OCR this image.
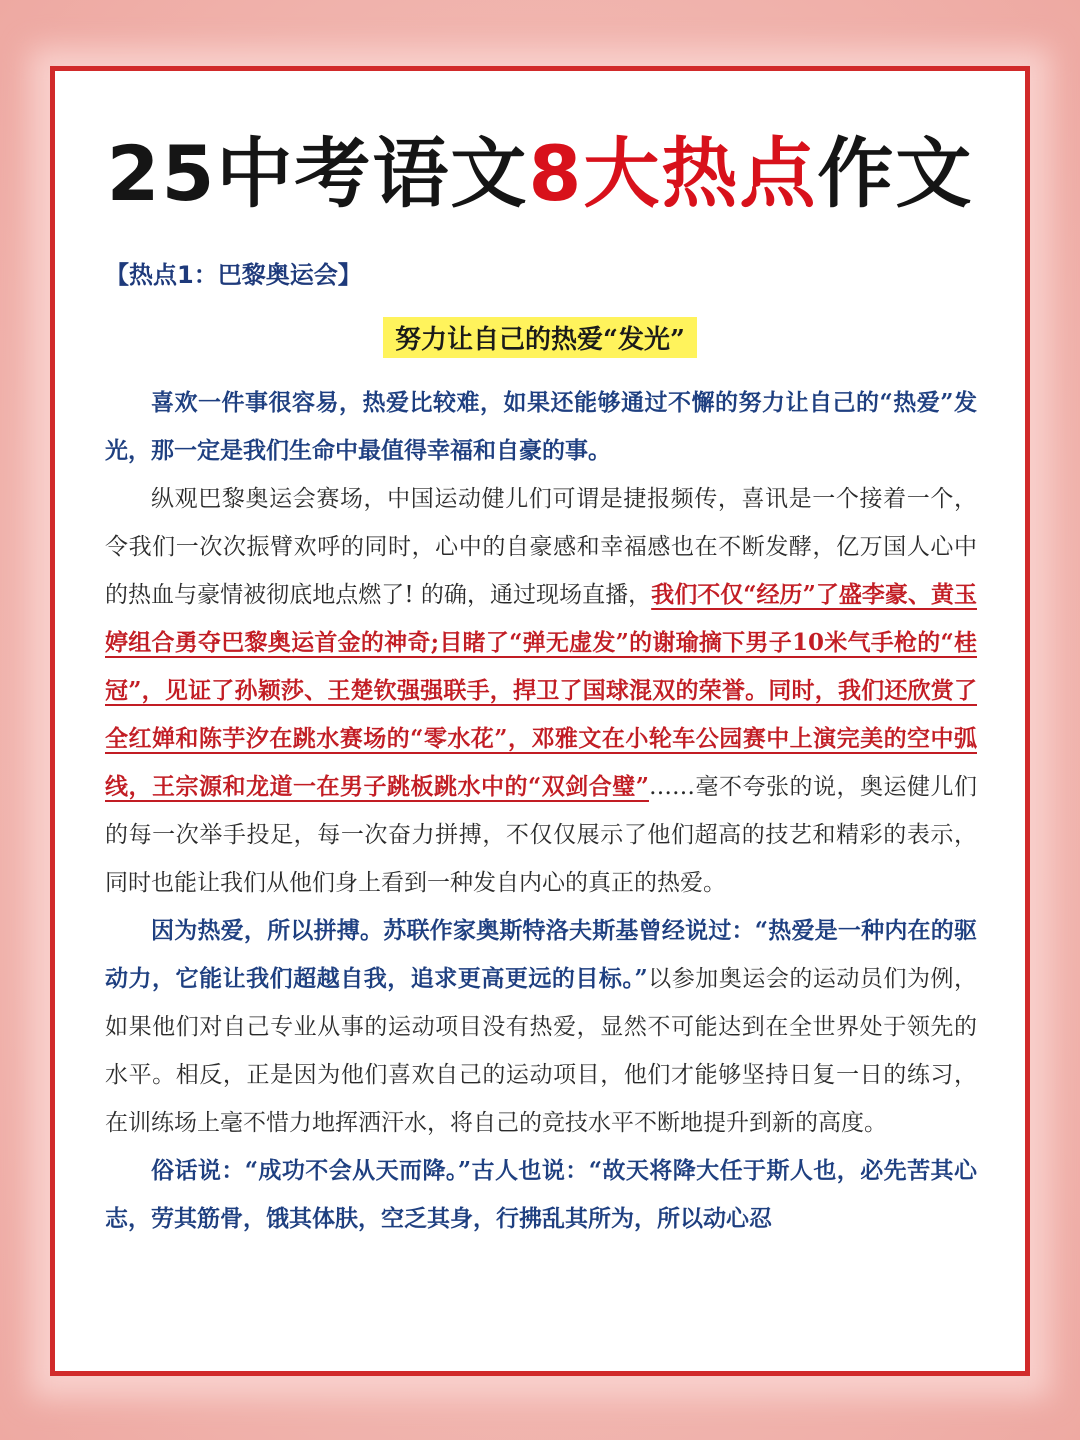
25中考语文8大热点作文
【热点1：巴黎奥运会】
努力让自己的热爱“发光”

喜欢一件事很容易，热爱比较难，如果还能够通过不懈的努力让自己的“热爱”发光，那一定是我们生命中最值得幸福和自豪的事。

纵观巴黎奥运会赛场，中国运动健儿们可谓是捷报频传，喜讯是一个接着一个，令我们一次次振臂欢呼的同时，心中的自豪感和幸福感也在不断发酵，亿万国人心中的热血与豪情被彻底地点燃了! 的确，通过现场直播，我们不仅“经历”了盛李豪、黄玉婷组合勇夺巴黎奥运首金的神奇;目睹了“弹无虚发”的谢瑜摘下男子10米气手枪的“桂冠”，见证了孙颖莎、王楚钦强强联手，捍卫了国球混双的荣誉。同时，我们还欣赏了全红婵和陈芋汐在跳水赛场的“零水花”，邓雅文在小轮车公园赛中上演完美的空中弧线，王宗源和龙道一在男子跳板跳水中的“双剑合璧”……毫不夸张的说，奥运健儿们的每一次举手投足，每一次奋力拼搏，不仅仅展示了他们超高的技艺和精彩的表示，同时也能让我们从他们身上看到一种发自内心的真正的热爱。

因为热爱，所以拼搏。苏联作家奥斯特洛夫斯基曾经说过：“热爱是一种内在的驱动力，它能让我们超越自我，追求更高更远的目标。”以参加奥运会的运动员们为例，如果他们对自己专业从事的运动项目没有热爱，显然不可能达到在全世界处于领先的水平。相反，正是因为他们喜欢自己的运动项目，他们才能够坚持日复一日的练习，在训练场上毫不惜力地挥洒汗水，将自己的竞技水平不断地提升到新的高度。

俗话说：“成功不会从天而降。”古人也说：“故天将降大任于斯人也，必先苦其心志，劳其筋骨，饿其体肤，空乏其身，行拂乱其所为，所以动心忍
